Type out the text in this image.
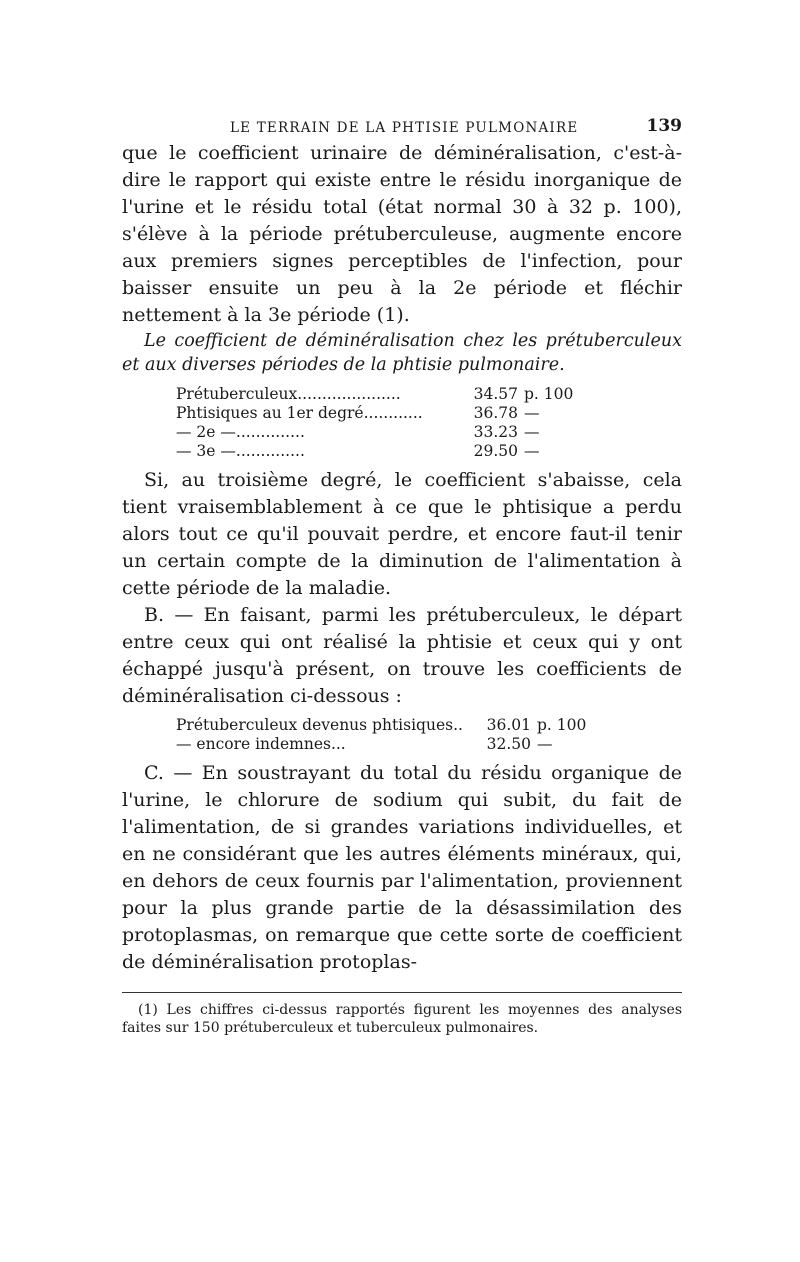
LE TERRAIN DE LA PHTISIE PULMONAIRE	139

que le coefficient urinaire de déminéralisation, c'est-à-dire le rapport qui existe entre le résidu inorganique de l'urine et le résidu total (état normal 30 à 32 p. 100), s'élève à la période prétuberculeuse, augmente encore aux premiers signes perceptibles de l'infection, pour baisser ensuite un peu à la 2e période et fléchir nettement à la 3e période (1).

Le coefficient de déminéralisation chez les prétuberculeux et aux diverses périodes de la phtisie pulmonaire.

Prétuberculeux.....................	34.57	p. 100
Phtisiques au 1er degré............	36.78	—
— 2e —..............	33.23	—
— 3e —..............	29.50	—

Si, au troisième degré, le coefficient s'abaisse, cela tient vraisemblablement à ce que le phtisique a perdu alors tout ce qu'il pouvait perdre, et encore faut-il tenir un certain compte de la diminution de l'alimentation à cette période de la maladie.

B. — En faisant, parmi les prétuberculeux, le départ entre ceux qui ont réalisé la phtisie et ceux qui y ont échappé jusqu'à présent, on trouve les coefficients de déminéralisation ci-dessous :

Prétuberculeux devenus phtisiques..	36.01	p. 100
— encore indemnes...	32.50	—

C. — En soustrayant du total du résidu organique de l'urine, le chlorure de sodium qui subit, du fait de l'alimentation, de si grandes variations individuelles, et en ne considérant que les autres éléments minéraux, qui, en dehors de ceux fournis par l'alimentation, proviennent pour la plus grande partie de la désassimilation des protoplasmas, on remarque que cette sorte de coefficient de déminéralisation protoplas-

(1) Les chiffres ci-dessus rapportés figurent les moyennes des analyses faites sur 150 prétuberculeux et tuberculeux pulmonaires.
